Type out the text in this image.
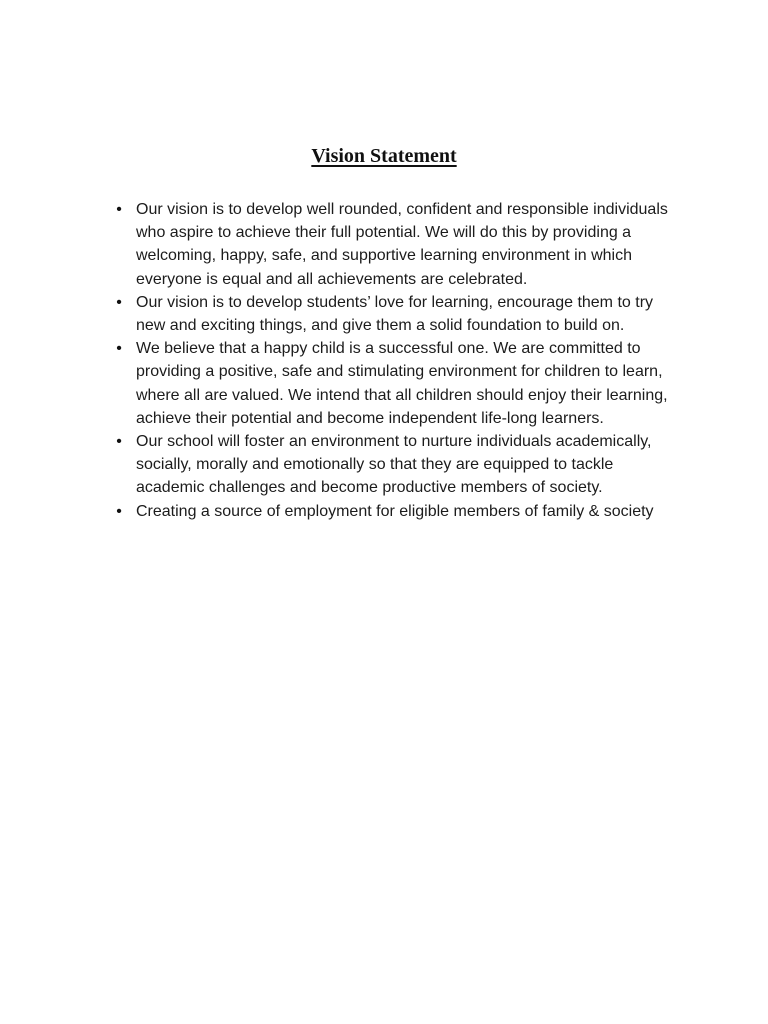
Vision Statement
• Our vision is to develop well rounded, confident and responsible individuals who aspire to achieve their full potential. We will do this by providing a welcoming, happy, safe, and supportive learning environment in which everyone is equal and all achievements are celebrated.
• Our vision is to develop students’ love for learning, encourage them to try new and exciting things, and give them a solid foundation to build on.
• We believe that a happy child is a successful one. We are committed to providing a positive, safe and stimulating environment for children to learn, where all are valued. We intend that all children should enjoy their learning, achieve their potential and become independent life-long learners.
• Our school will foster an environment to nurture individuals academically, socially, morally and emotionally so that they are equipped to tackle academic challenges and become productive members of society.
• Creating a source of employment for eligible members of family & society
